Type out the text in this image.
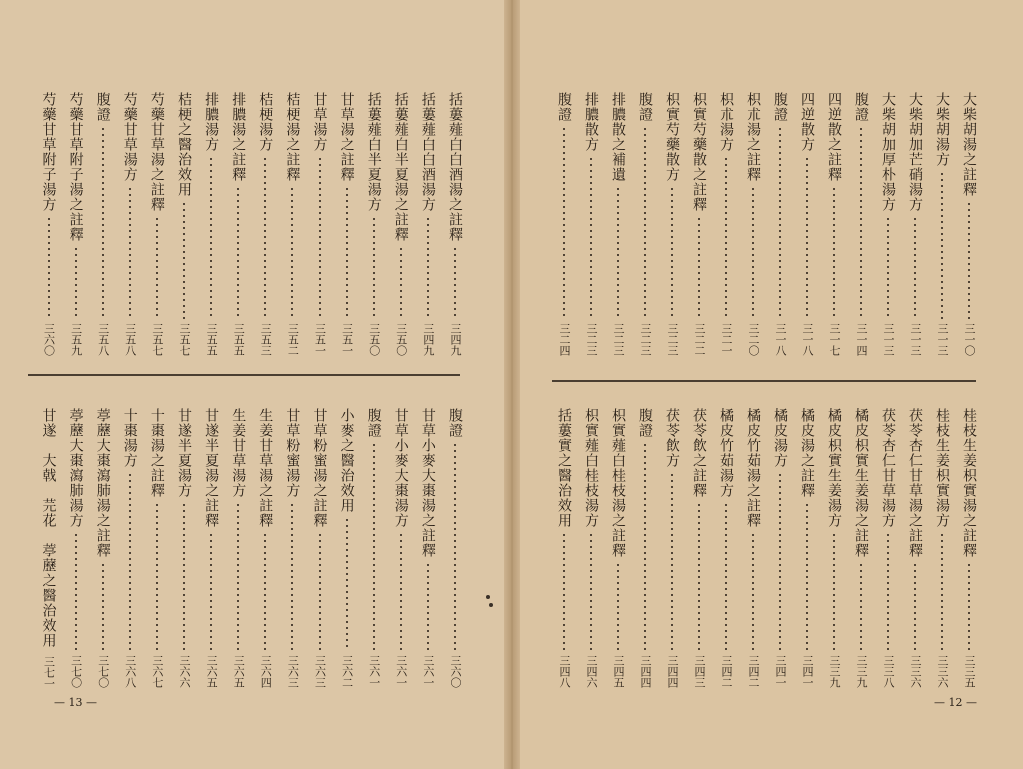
大柴胡湯之註釋
三一〇
大柴胡湯方
三一三
大柴胡加芒硝湯方
三一三
大柴胡加厚朴湯方
三一三
腹證
三一四
四逆散之註釋
三一七
四逆散方
三一八
腹證
三一八
枳朮湯之註釋
三二〇
枳朮湯方
三二一
枳實芍藥散之註釋
三二二
枳實芍藥散方
三二三
腹證
三二三
排膿散之補遺
三二三
排膿散方
三二三
腹證
三二四
桂枝生姜枳實湯之註釋
三三五
桂枝生姜枳實湯方
三三六
茯苓杏仁甘草湯之註釋
三三六
茯苓杏仁甘草湯方
三三八
橘皮枳實生姜湯之註釋
三三九
橘皮枳實生姜湯方
三三九
橘皮湯之註釋
三四一
橘皮湯方
三四一
橘皮竹茹湯之註釋
三四二
橘皮竹茹湯方
三四二
茯苓飲之註釋
三四三
茯苓飲方
三四四
腹證
三四四
枳實薤白桂枝湯之註釋
三四五
枳實薤白桂枝湯方
三四六
括蔞實之醫治效用
三四八
括蔞薤白白酒湯之註釋
三四九
括蔞薤白白酒湯方
三四九
括蔞薤白半夏湯之註釋
三五〇
括蔞薤白半夏湯方
三五〇
甘草湯之註釋
三五一
甘草湯方
三五一
桔梗湯之註釋
三五二
桔梗湯方
三五三
排膿湯之註釋
三五五
排膿湯方
三五五
桔梗之醫治效用
三五七
芍藥甘草湯之註釋
三五七
芍藥甘草湯方
三五八
腹證
三五八
芍藥甘草附子湯之註釋
三五九
芍藥甘草附子湯方
三六〇
腹證
三六〇
甘草小麥大棗湯之註釋
三六一
甘草小麥大棗湯方
三六一
腹證
三六一
小麥之醫治效用
三六二
甘草粉蜜湯之註釋
三六三
甘草粉蜜湯方
三六三
生姜甘草湯之註釋
三六四
生姜甘草湯方
三六五
甘遂半夏湯之註釋
三六五
甘遂半夏湯方
三六六
十棗湯之註釋
三六七
十棗湯方
三六八
葶藶大棗瀉肺湯之註釋
三七〇
葶藶大棗瀉肺湯方
三七〇
甘遂　大戟　芫花　葶藶之醫治效用
三七一
— 13 —	— 12 —
